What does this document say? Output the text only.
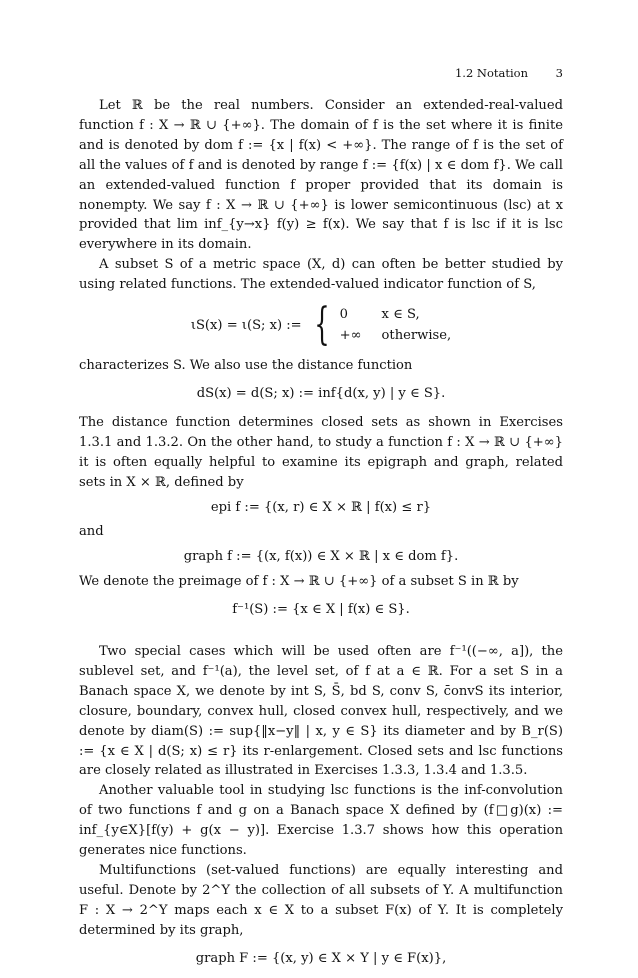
1.2 Notation 3

Let ℝ be the real numbers. Consider an extended-real-valued function f : X → ℝ ∪ {+∞}. The domain of f is the set where it is finite and is denoted by dom f := {x | f(x) < +∞}. The range of f is the set of all the values of f and is denoted by range f := {f(x) | x ∈ dom f}. We call an extended-valued function f proper provided that its domain is nonempty. We say f : X → ℝ ∪ {+∞} is lower semicontinuous (lsc) at x provided that lim inf_{y→x} f(y) ≥ f(x). We say that f is lsc if it is lsc everywhere in its domain.

A subset S of a metric space (X, d) can often be better studied by using related functions. The extended-valued indicator function of S,

ιS(x) = ι(S; x) := { 0	x ∈ S,
+∞ otherwise,

characterizes S. We also use the distance function

dS(x) = d(S; x) := inf{d(x, y) | y ∈ S}.

The distance function determines closed sets as shown in Exercises 1.3.1 and 1.3.2. On the other hand, to study a function f : X → ℝ ∪ {+∞} it is often equally helpful to examine its epigraph and graph, related sets in X × ℝ, defined by

epi f := {(x, r) ∈ X × ℝ | f(x) ≤ r}

and

graph f := {(x, f(x)) ∈ X × ℝ | x ∈ dom f}.

We denote the preimage of f : X → ℝ ∪ {+∞} of a subset S in ℝ by

f⁻¹(S) := {x ∈ X | f(x) ∈ S}.

Two special cases which will be used often are f⁻¹((−∞, a]), the sublevel set, and f⁻¹(a), the level set, of f at a ∈ ℝ. For a set S in a Banach space X, we denote by int S, S̄, bd S, conv S, c̄onvS its interior, closure, boundary, convex hull, closed convex hull, respectively, and we denote by diam(S) := sup{‖x−y‖ | x, y ∈ S} its diameter and by B_r(S) := {x ∈ X | d(S; x) ≤ r} its r-enlargement. Closed sets and lsc functions are closely related as illustrated in Exercises 1.3.3, 1.3.4 and 1.3.5.

Another valuable tool in studying lsc functions is the inf-convolution of two functions f and g on a Banach space X defined by (f□g)(x) := inf_{y∈X}[f(y) + g(x − y)]. Exercise 1.3.7 shows how this operation generates nice functions.

Multifunctions (set-valued functions) are equally interesting and useful. Denote by 2^Y the collection of all subsets of Y. A multifunction F : X → 2^Y maps each x ∈ X to a subset F(x) of Y. It is completely determined by its graph,

graph F := {(x, y) ∈ X × Y | y ∈ F(x)},
